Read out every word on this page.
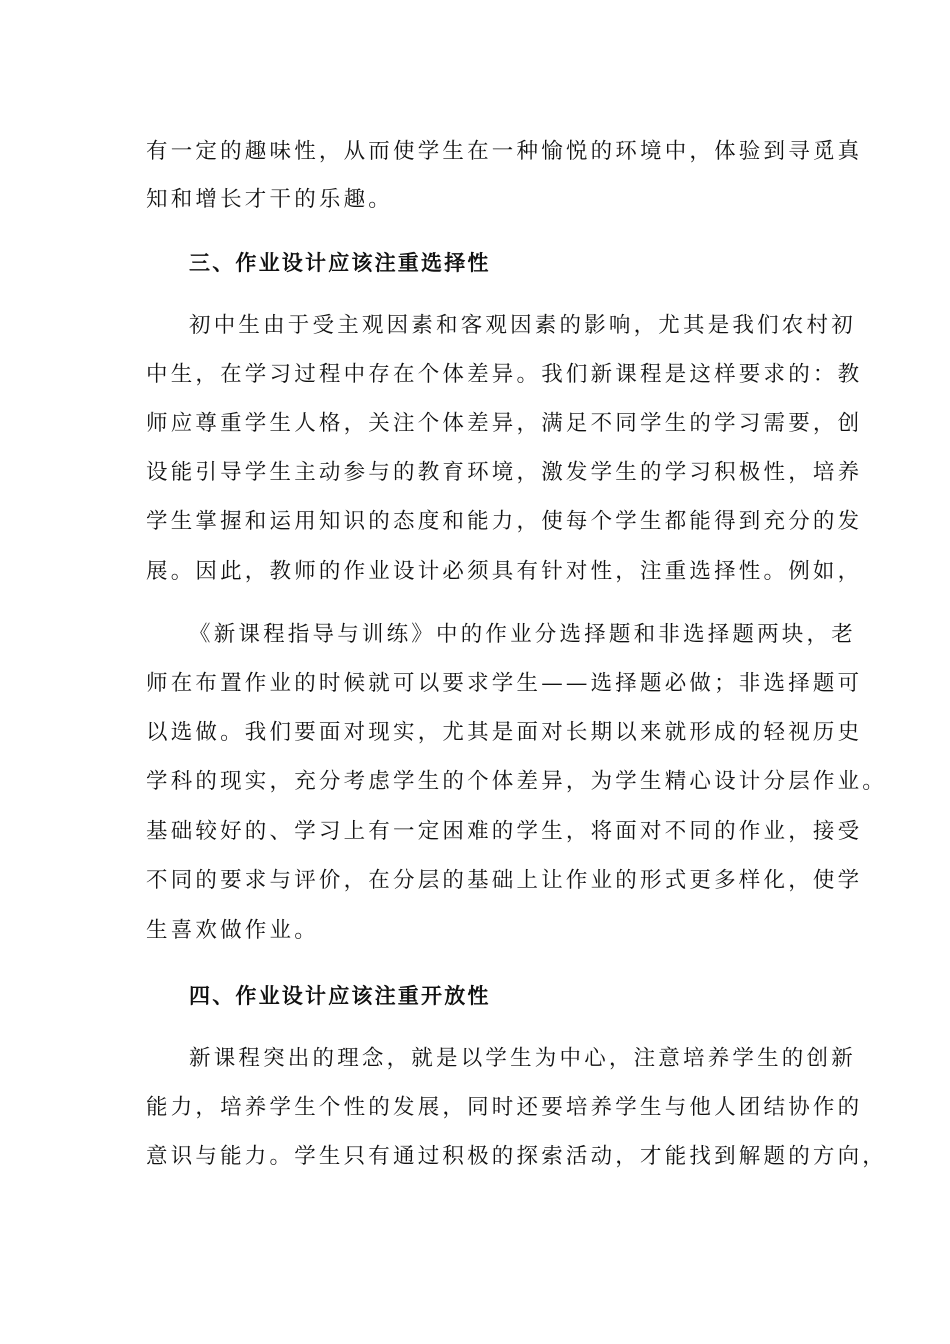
有一定的趣味性，从而使学生在一种愉悦的环境中，体验到寻觅真
知和增长才干的乐趣。
三、作业设计应该注重选择性
初中生由于受主观因素和客观因素的影响，尤其是我们农村初
中生，在学习过程中存在个体差异。我们新课程是这样要求的：教
师应尊重学生人格，关注个体差异，满足不同学生的学习需要，创
设能引导学生主动参与的教育环境，激发学生的学习积极性，培养
学生掌握和运用知识的态度和能力，使每个学生都能得到充分的发
展。因此，教师的作业设计必须具有针对性，注重选择性。例如，
《新课程指导与训练》中的作业分选择题和非选择题两块，老
师在布置作业的时候就可以要求学生——选择题必做；非选择题可
以选做。我们要面对现实，尤其是面对长期以来就形成的轻视历史
学科的现实，充分考虑学生的个体差异，为学生精心设计分层作业。
基础较好的、学习上有一定困难的学生，将面对不同的作业，接受
不同的要求与评价，在分层的基础上让作业的形式更多样化，使学
生喜欢做作业。
四、作业设计应该注重开放性
新课程突出的理念，就是以学生为中心，注意培养学生的创新
能力，培养学生个性的发展，同时还要培养学生与他人团结协作的
意识与能力。学生只有通过积极的探索活动，才能找到解题的方向，
